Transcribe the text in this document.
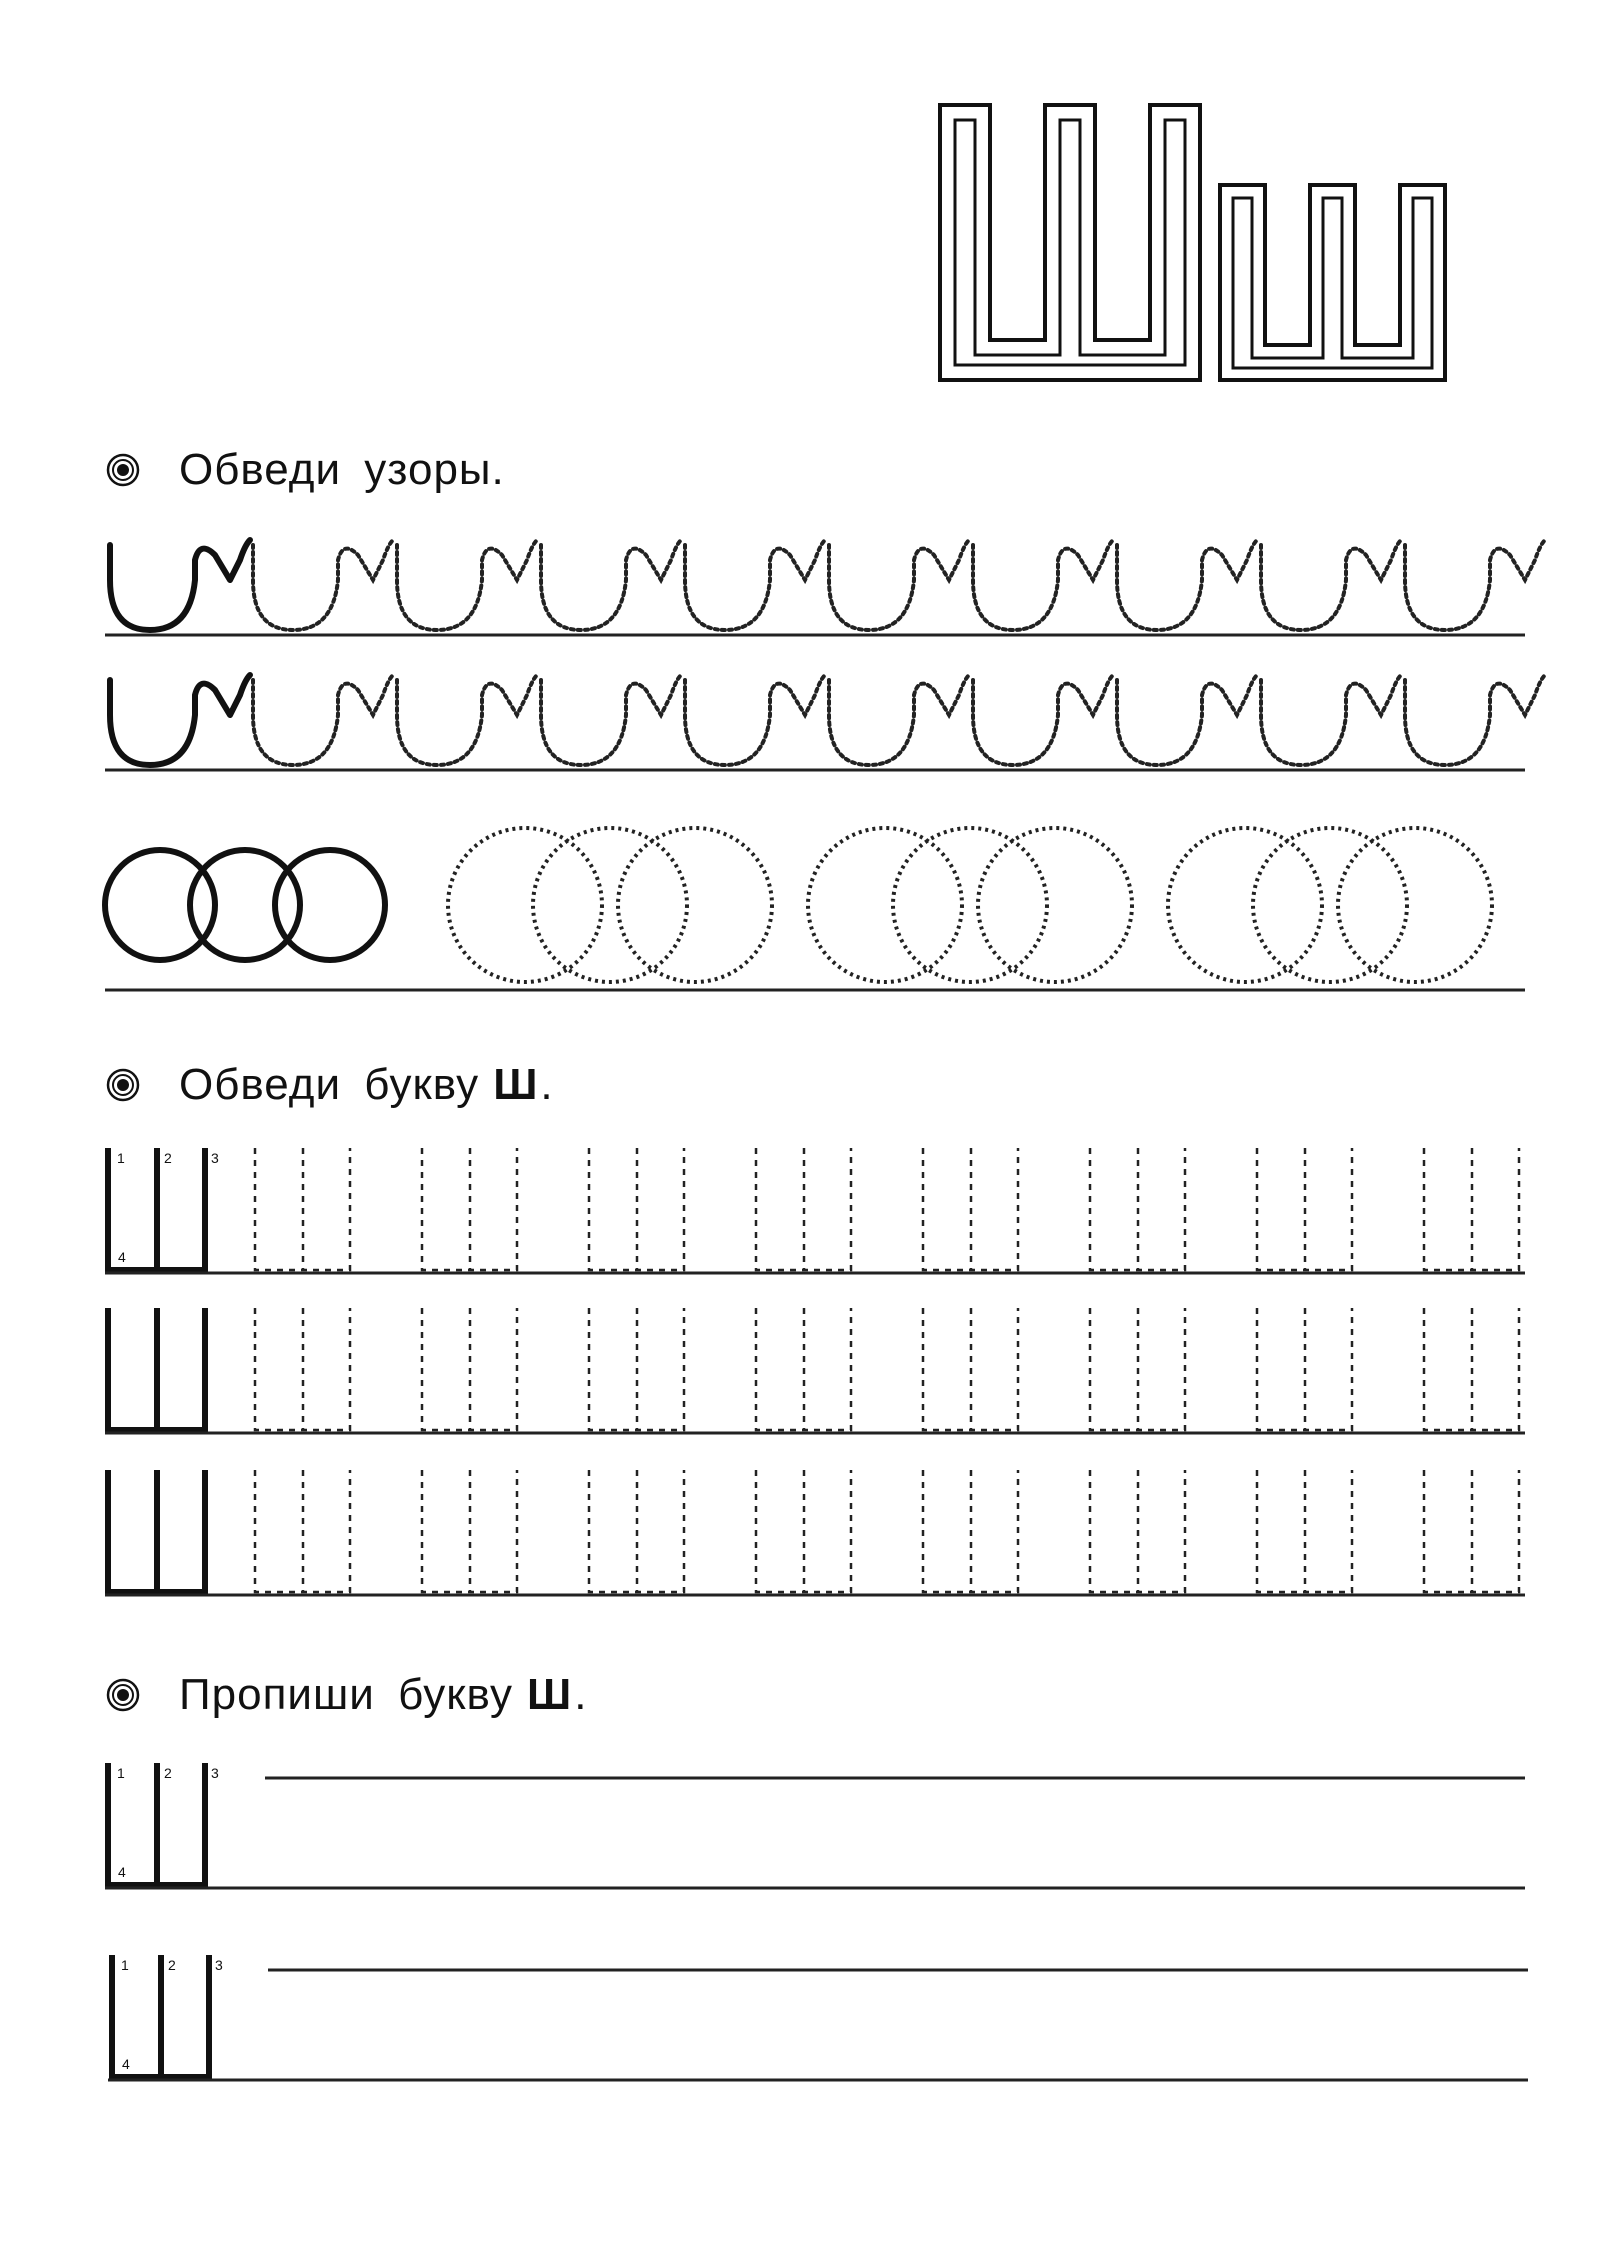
Обведи узоры.
Обведи букву Ш .
1	2	3
4
Пропиши букву Ш .
1	2	3
4
1	2	3
4
